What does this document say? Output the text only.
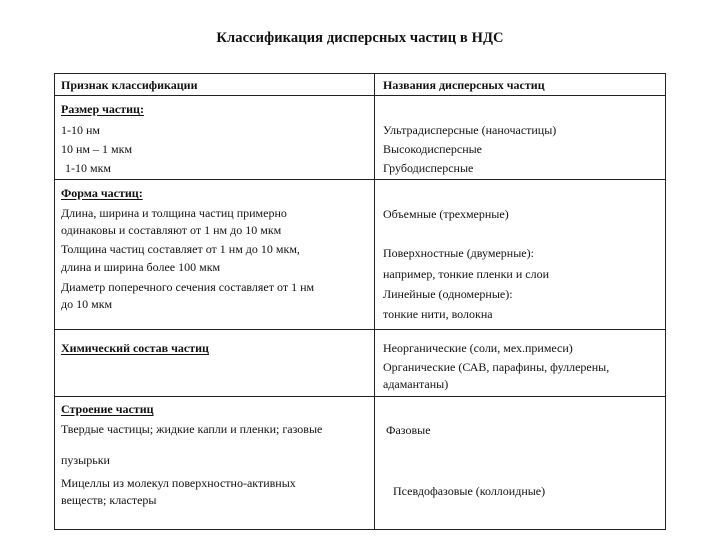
Классификация дисперсных частиц в НДС
Признак классификации	Названия дисперсных частиц
Размер частиц:
1-10 нм
10 нм – 1 мкм
1-10 мкм
Ультрадисперсные (наночастицы)
Высокодисперсные
Грубодисперсные
Форма частиц:
Длина, ширина и толщина частиц примерно
одинаковы и составляют от 1 нм до 10 мкм
Толщина частиц составляет от 1 нм до 10 мкм,
длина и ширина более 100 мкм
Диаметр поперечного сечения составляет от 1 нм
до 10 мкм
Объемные (трехмерные)
Поверхностные (двумерные):
например, тонкие пленки и слои
Линейные (одномерные):
тонкие нити, волокна
Химический состав частиц	Неорганические (соли, мех.примеси)
Органические (САВ, парафины, фуллерены,
адамантаны)
Строение частиц
Твердые частицы; жидкие капли и пленки; газовые
пузырьки
Мицеллы из молекул поверхностно-активных
веществ; кластеры
Фазовые
Псевдофазовые (коллоидные)
